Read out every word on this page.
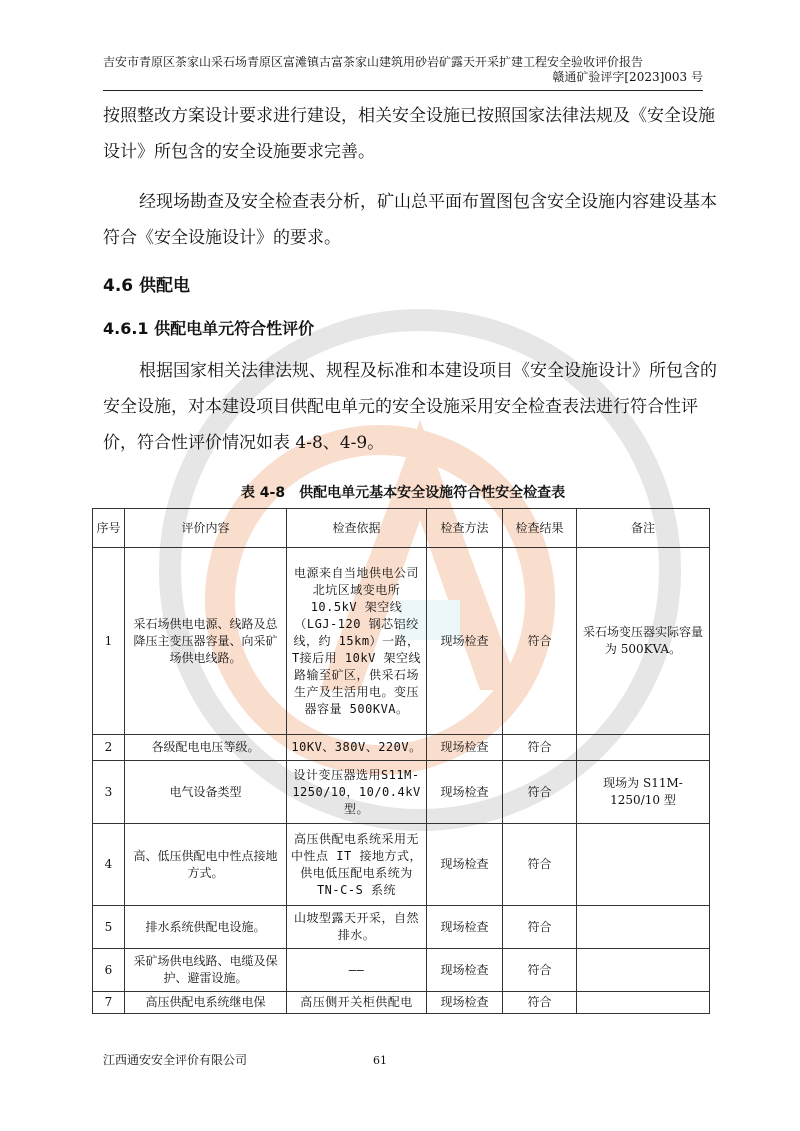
吉安市青原区茶家山采石场青原区富滩镇古富茶家山建筑用砂岩矿露天开采扩建工程安全验收评价报告
赣通矿验评字[2023]003 号

按照整改方案设计要求进行建设，相关安全设施已按照国家法律法规及《安全设施设计》所包含的安全设施要求完善。

经现场勘查及安全检查表分析，矿山总平面布置图包含安全设施内容建设基本符合《安全设施设计》的要求。

4.6 供配电
4.6.1 供配电单元符合性评价

根据国家相关法律法规、规程及标准和本建设项目《安全设施设计》所包含的安全设施，对本建设项目供配电单元的安全设施采用安全检查表法进行符合性评价，符合性评价情况如表 4-8、4-9。

表 4-8　供配电单元基本安全设施符合性安全检查表
序号	评价内容	检查依据	检查方法	检查结果	备注
1	采石场供电电源、线路及总降压主变压器容量、向采矿场供电线路。	电源来自当地供电公司北坑区域变电所10.5kV 架空线（LGJ-120 钢芯铝绞线，约 15km）一路，T接后用 10kV 架空线路输至矿区，供采石场生产及生活用电。变压器容量 500KVA。	现场检查	符合	采石场变压器实际容量为 500KVA。
2	各级配电电压等级。	10KV、380V、220V。	现场检查	符合	
3	电气设备类型	设计变压器选用S11M-1250/10，10/0.4kV 型。	现场检查	符合	现场为 S11M-1250/10 型
4	高、低压供配电中性点接地方式。	高压供配电系统采用无中性点 IT 接地方式，供电低压配电系统为 TN-C-S 系统	现场检查	符合	
5	排水系统供配电设施。	山坡型露天开采，自然排水。	现场检查	符合	
6	采矿场供电线路、电缆及保护、避雷设施。	——	现场检查	符合	
7	高压供配电系统继电保	高压侧开关柜供配电	现场检查	符合	
江西通安安全评价有限公司	61
